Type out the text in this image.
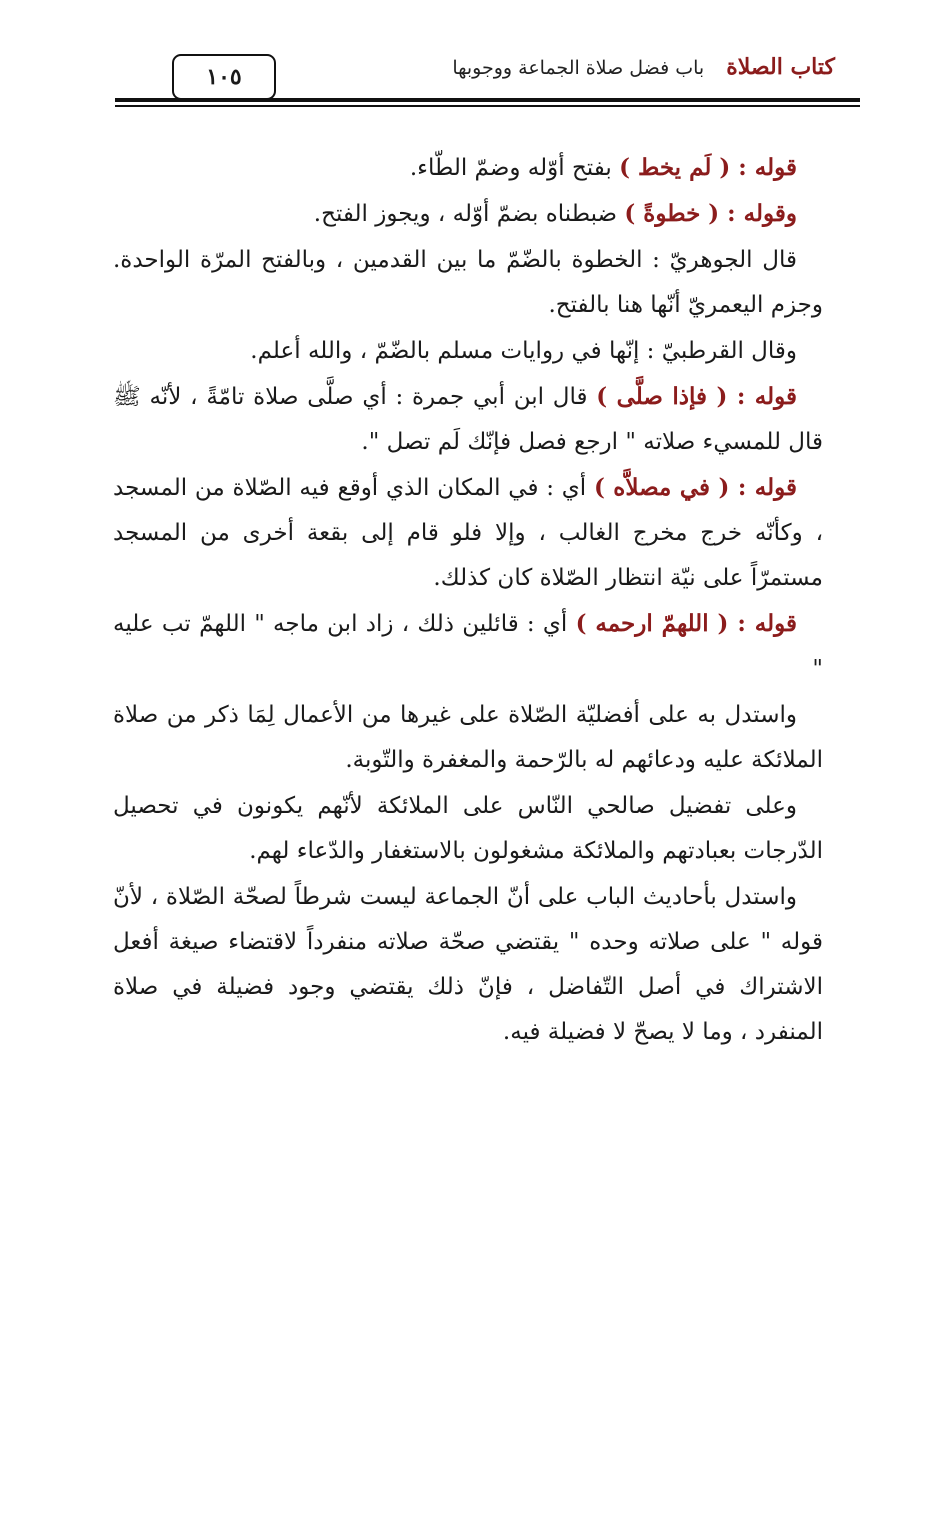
كتاب الصلاة باب فضل صلاة الجماعة ووجوبها
١٠٥

قوله : ( لَم يخط ) بفتح أوّله وضمّ الطّاء.

وقوله : ( خطوةً ) ضبطناه بضمّ أوّله ، ويجوز الفتح.

قال الجوهريّ : الخطوة بالضّمّ ما بين القدمين ، وبالفتح المرّة الواحدة. وجزم اليعمريّ أنّها هنا بالفتح.

وقال القرطبيّ : إنّها في روايات مسلم بالضّمّ ، والله أعلم.

قوله : ( فإذا صلَّى ) قال ابن أبي جمرة : أي صلَّى صلاة تامّةً ، لأنّه ﷺ قال للمسيء صلاته " ارجع فصل فإنّك لَم تصل ".

قوله : ( في مصلاَّه ) أي : في المكان الذي أوقع فيه الصّلاة من المسجد ، وكأنّه خرج مخرج الغالب ، وإلا فلو قام إلى بقعة أخرى من المسجد مستمرّاً على نيّة انتظار الصّلاة كان كذلك.

قوله : ( اللهمّ ارحمه ) أي : قائلين ذلك ، زاد ابن ماجه " اللهمّ تب عليه "

واستدل به على أفضليّة الصّلاة على غيرها من الأعمال لِمَا ذكر من صلاة الملائكة عليه ودعائهم له بالرّحمة والمغفرة والتّوبة.

وعلى تفضيل صالحي النّاس على الملائكة لأنّهم يكونون في تحصيل الدّرجات بعبادتهم والملائكة مشغولون بالاستغفار والدّعاء لهم.

واستدل بأحاديث الباب على أنّ الجماعة ليست شرطاً لصحّة الصّلاة ، لأنّ قوله " على صلاته وحده " يقتضي صحّة صلاته منفرداً لاقتضاء صيغة أفعل الاشتراك في أصل التّفاضل ، فإنّ ذلك يقتضي وجود فضيلة في صلاة المنفرد ، وما لا يصحّ لا فضيلة فيه.
